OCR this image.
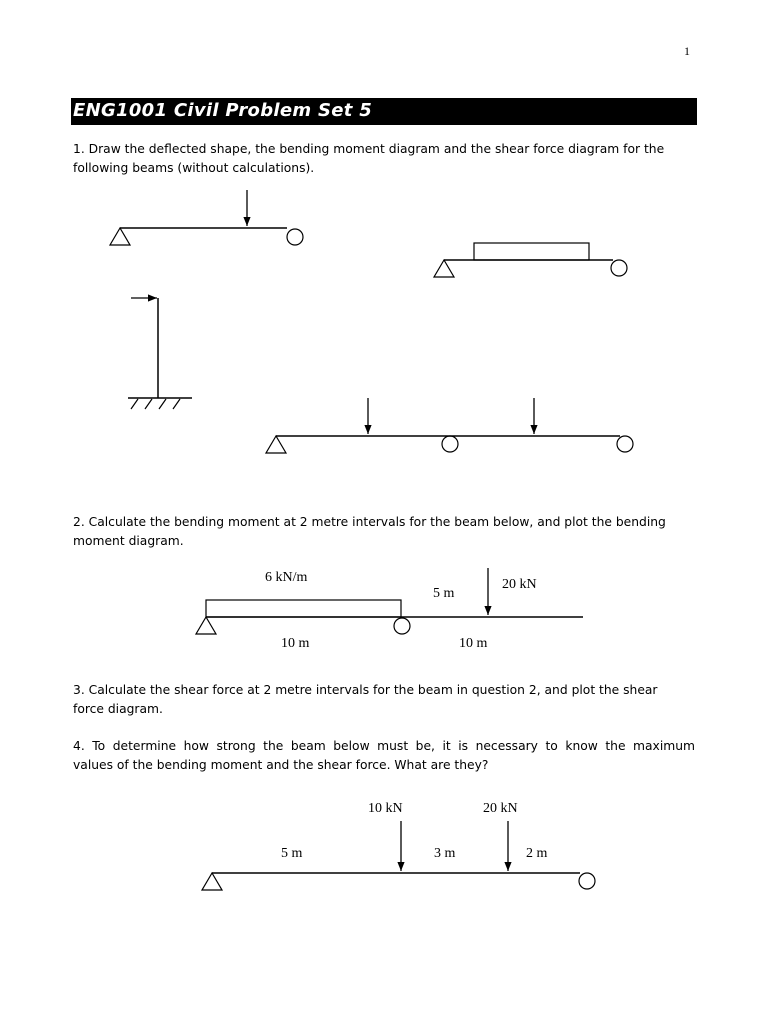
1
ENG1001 Civil Problem Set 5
1. Draw the deflected shape, the bending moment diagram and the shear force diagram for the
following beams (without calculations).
6 kN/m	20 kN
5 m
10 m	10 m
10 kN	20 kN
5 m	3 m	2 m
2. Calculate the bending moment at 2 metre intervals for the beam below, and plot the bending
moment diagram.
3. Calculate the shear force at 2 metre intervals for the beam in question 2, and plot the shear
force diagram.
4. To determine how strong the beam below must be, it is necessary to know the maximum
values of the bending moment and the shear force. What are they?
